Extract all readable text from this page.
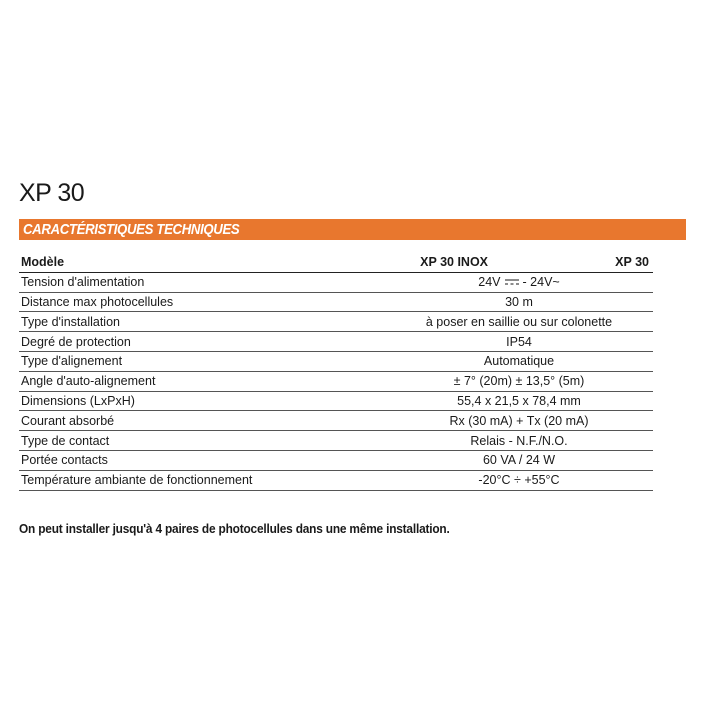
XP 30
CARACTÉRISTIQUES TECHNIQUES
Modèle	XP 30 INOX	XP 30
Tension d'alimentation	24V - 24V~	
Distance max photocellules	30 m	
Type d'installation	à poser en saillie ou sur colonette	
Degré de protection	IP54	
Type d'alignement	Automatique	
Angle d'auto-alignement	± 7° (20m) ± 13,5° (5m)	
Dimensions (LxPxH)	55,4 x 21,5 x 78,4 mm	
Courant absorbé	Rx (30 mA) + Tx (20 mA)	
Type de contact	Relais - N.F./N.O.	
Portée contacts	60 VA / 24 W	
Température ambiante de fonctionnement	-20°C ÷ +55°C	

On peut installer jusqu'à 4 paires de photocellules dans une même installation.
